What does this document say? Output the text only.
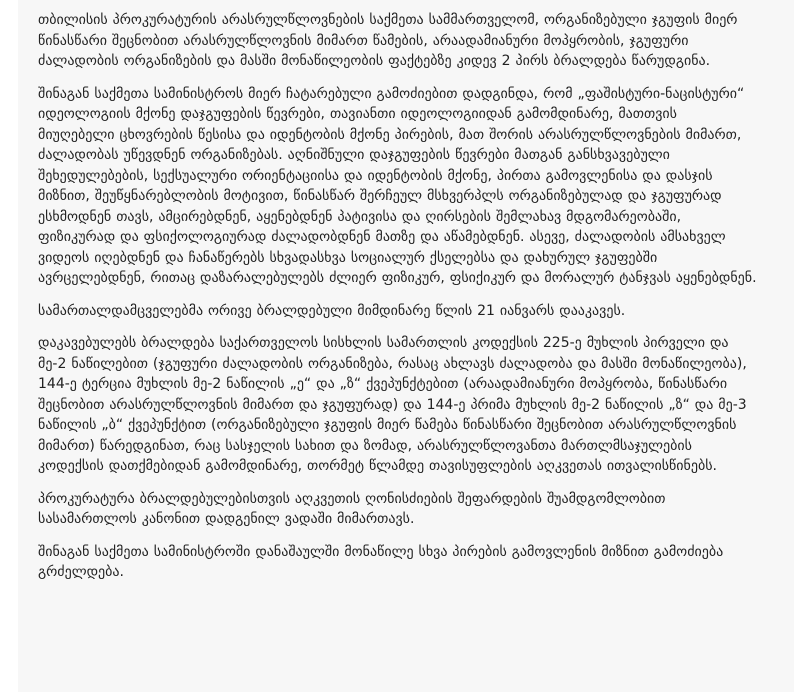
თბილისის პროკურატურის არასრულწლოვნების საქმეთა სამმართველომ, ორგანიზებული ჯგუფის მიერ წინასწარი შეცნობით არასრულწლოვნის მიმართ წამების, არაადამიანური მოპყრობის, ჯგუფური ძალადობის ორგანიზების და მასში მონაწილეობის ფაქტებზე კიდევ 2 პირს ბრალდება წარუდგინა.

შინაგან საქმეთა სამინისტროს მიერ ჩატარებული გამოძიებით დადგინდა, რომ „ფაშისტური-ნაცისტური“ იდეოლოგიის მქონე დაჯგუფების წევრები, თავიანთი იდეოლოგიიდან გამომდინარე, მათთვის მიუღებელი ცხოვრების წესისა და იდენტობის მქონე პირების, მათ შორის არასრულწლოვნების მიმართ, ძალადობას უწევდნენ ორგანიზებას. აღნიშნული დაჯგუფების წევრები მათგან განსხვავებული შეხედულებების, სექსუალური ორიენტაციისა და იდენტობის მქონე, პირთა გამოვლენისა და დასჯის მიზნით, შეუწყნარებლობის მოტივით, წინასწარ შერჩეულ მსხვერპლს ორგანიზებულად და ჯგუფურად ესხმოდნენ თავს, ამცირებდნენ, აყენებდნენ პატივისა და ღირსების შემლახავ მდგომარეობაში, ფიზიკურად და ფსიქოლოგიურად ძალადობდნენ მათზე და აწამებდნენ. ასევე, ძალადობის ამსახველ ვიდეოს იღებდნენ და ჩანაწერებს სხვადასხვა სოციალურ ქსელებსა და დახურულ ჯგუფებში ავრცელებდნენ, რითაც დაზარალებულებს ძლიერ ფიზიკურ, ფსიქიკურ და მორალურ ტანჯვას აყენებდნენ.

სამართალდამცველებმა ორივე ბრალდებული მიმდინარე წლის 21 იანვარს დააკავეს.

დაკავებულებს ბრალდება საქართველოს სისხლის სამართლის კოდექსის 225-ე მუხლის პირველი და მე-2 ნაწილებით (ჯგუფური ძალადობის ორგანიზება, რასაც ახლავს ძალადობა და მასში მონაწილეობა), 144-ე ტერცია მუხლის მე-2 ნაწილის „ე“ და „ზ“ ქვეპუნქტებით (არაადამიანური მოპყრობა, წინასწარი შეცნობით არასრულწლოვნის მიმართ და ჯგუფურად) და 144-ე პრიმა მუხლის მე-2 ნაწილის „ზ“ და მე-3 ნაწილის „ბ“ ქვეპუნქტით (ორგანიზებული ჯგუფის მიერ წამება წინასწარი შეცნობით არასრულწლოვნის მიმართ) წარედგინათ, რაც სასჯელის სახით და ზომად, არასრულწლოვანთა მართლმსაჯულების კოდექსის დათქმებიდან გამომდინარე, თორმეტ წლამდე თავისუფლების აღკვეთას ითვალისწინებს.

პროკურატურა ბრალდებულებისთვის აღკვეთის ღონისძიების შეფარდების შუამდგომლობით სასამართლოს კანონით დადგენილ ვადაში მიმართავს.

შინაგან საქმეთა სამინისტროში დანაშაულში მონაწილე სხვა პირების გამოვლენის მიზნით გამოძიება გრძელდება.
